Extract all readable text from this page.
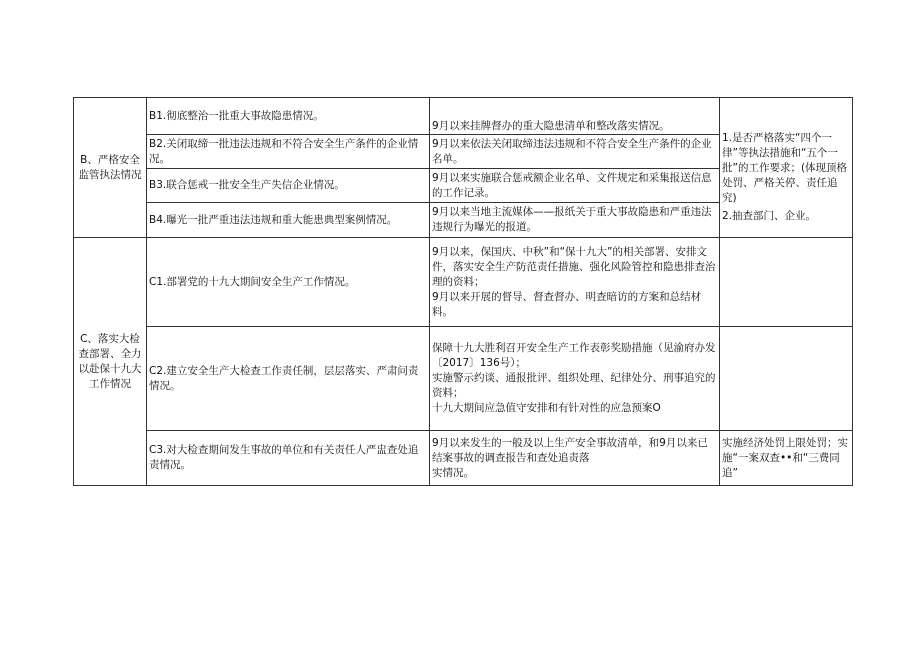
B、严格安全监管执法情况	B1.彻底整治一批重大事故隐患情况。	9月以来挂牌督办的重大隐患清单和整改落实情况。	1.是否严格落实“四个一律”等执法措施和“五个一批”的工作要求；(体现顶格处罚、严格关停、责任追究)
2.抽查部门、企业。

	B2.关闭取缔一批违法违规和不符合安全生产条件的企业情况。	9月以来依法关闭取缔违法违规和不符合安全生产条件的企业名单。	
	B3.联合惩戒一批安全生产失信企业情况。	9月以来实施联合惩戒额企业名单、文件规定和采集报送信息的工作记录。	
	B4.曝光一批严重违法违规和重大能患典型案例情况。	9月以来当地主流媒体——报纸关于重大事故隐患和严重违法违规行为曝光的报道。	
C、落实大检查部署、全力以赴保十九大工作情况	C1.部署党的十九大期间安全生产工作情况。	9月以来，保国庆、中秋”和“保十九大”的相关部署、安排文件，落实安全生产防范责任措施、强化风险管控和隐患排查治理的资料；
9月以来开展的督导、督查督办、明查暗访的方案和总结材料。	

	C2.建立安全生产大检查工作责任制，层层落实、严肃问责情况。	保障十九大胜利召开安全生产工作表彰奖励措施（见渝府办发〔2017〕136号）；
实施警示约谈、通报批评、组织处理、纪律处分、刑事追究的资料；
十九大期间应急值守安排和有针对性的应急预案O	

	C3.对大检查期间发生事故的单位和有关责任人严盅查处追责情况。	9月以来发生的一般及以上生产安全事故清单，和9月以来已结案事故的调查报告和查处追责落
实情况。	实施经济处罚上限处罚；实施“一案双查••和“三费同追”
